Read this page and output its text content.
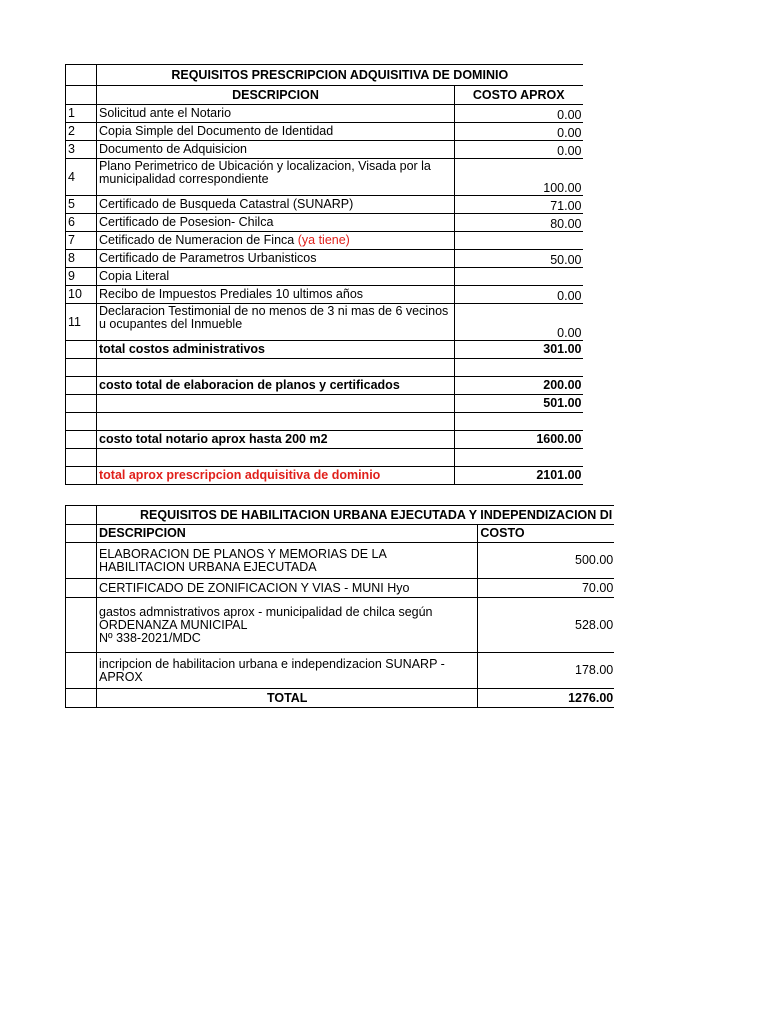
	REQUISITOS PRESCRIPCION ADQUISITIVA DE DOMINIO	
	DESCRIPCION	COSTO APROX
1	Solicitud ante el Notario	0.00
2	Copia Simple del Documento de Identidad	0.00
3	Documento de Adquisicion	0.00
4	Plano Perimetrico de Ubicación y localizacion, Visada por la municipalidad correspondiente	100.00
5	Certificado de Busqueda Catastral (SUNARP)	71.00
6	Certificado de Posesion- Chilca	80.00
7	Cetificado de Numeracion de Finca (ya tiene)	
8	Certificado de Parametros Urbanisticos	50.00
9	Copia Literal	
10	Recibo de Impuestos Prediales 10 ultimos años	0.00
11	Declaracion Testimonial de no menos de 3 ni mas de 6 vecinos u ocupantes del Inmueble	0.00
	total costos administrativos	301.00

	costo total de elaboracion de planos y certificados	200.00
		501.00

	costo total notario aprox hasta 200 m2	1600.00

	total aprox prescripcion adquisitiva de dominio	2101.00
	REQUISITOS DE HABILITACION URBANA EJECUTADA Y INDEPENDIZACION DI	
	DESCRIPCION	COSTO
	ELABORACION DE PLANOS Y MEMORIAS DE LA HABILITACION URBANA EJECUTADA	500.00
	CERTIFICADO DE ZONIFICACION Y VIAS - MUNI Hyo	70.00
	gastos admnistrativos aprox - municipalidad de chilca según ORDENANZA MUNICIPAL
Nº 338-2021/MDC	528.00
	incripcion de habilitacion urbana e independizacion SUNARP - APROX	178.00
	TOTAL	1276.00
